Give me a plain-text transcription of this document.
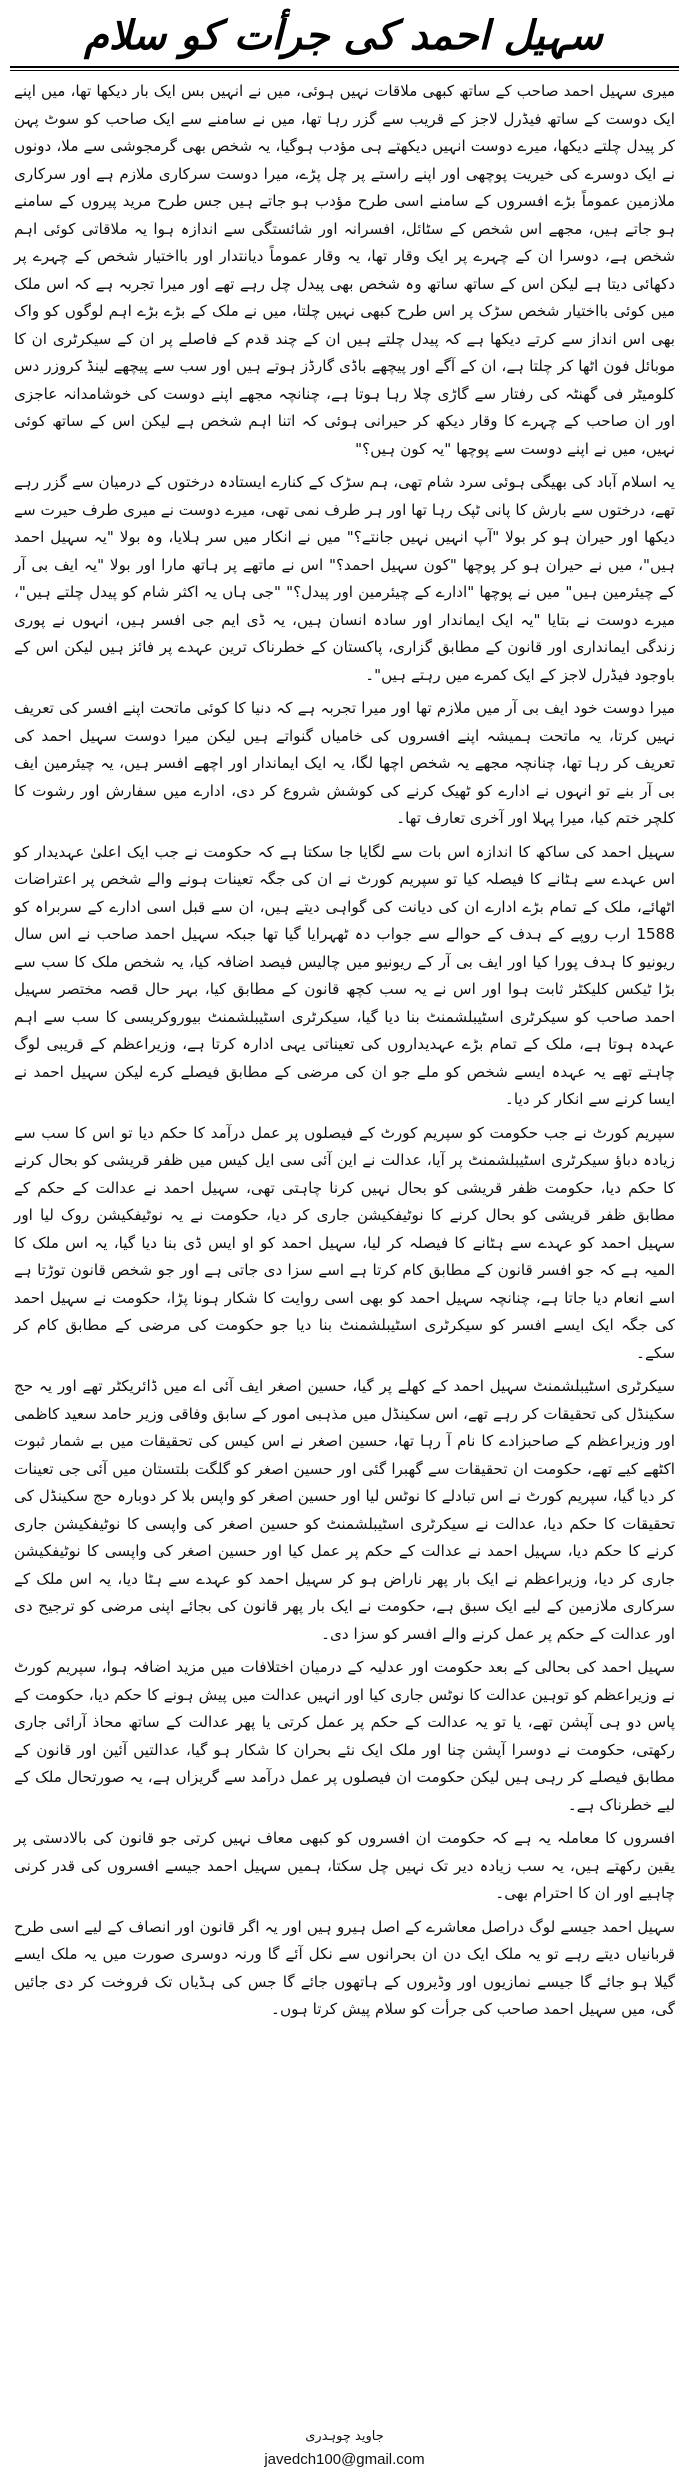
سہیل احمد کی جرأت کو سلام

میری سہیل احمد صاحب کے ساتھ کبھی ملاقات نہیں ہوئی، میں نے انہیں بس ایک بار دیکھا تھا، میں اپنے ایک دوست کے ساتھ فیڈرل لاجز کے قریب سے گزر رہا تھا، میں نے سامنے سے ایک صاحب کو سوٹ پہن کر پیدل چلتے دیکھا، میرے دوست انہیں دیکھتے ہی مؤدب ہوگیا، یہ شخص بھی گرمجوشی سے ملا، دونوں نے ایک دوسرے کی خیریت پوچھی اور اپنے راستے پر چل پڑے، میرا دوست سرکاری ملازم ہے اور سرکاری ملازمین عموماً بڑے افسروں کے سامنے اسی طرح مؤدب ہو جاتے ہیں جس طرح مرید پیروں کے سامنے ہو جاتے ہیں، مجھے اس شخص کے سٹائل، افسرانہ اور شائستگی سے اندازہ ہوا یہ ملاقاتی کوئی اہم شخص ہے، دوسرا ان کے چہرے پر ایک وقار تھا، یہ وقار عموماً دیانتدار اور بااختیار شخص کے چہرے پر دکھائی دیتا ہے لیکن اس کے ساتھ ساتھ وہ شخص بھی پیدل چل رہے تھے اور میرا تجربہ ہے کہ اس ملک میں کوئی بااختیار شخص سڑک پر اس طرح کبھی نہیں چلتا، میں نے ملک کے بڑے بڑے اہم لوگوں کو واک بھی اس انداز سے کرتے دیکھا ہے کہ پیدل چلتے ہیں ان کے چند قدم کے فاصلے پر ان کے سیکرٹری ان کا موبائل فون اٹھا کر چلتا ہے، ان کے آگے اور پیچھے باڈی گارڈز ہوتے ہیں اور سب سے پیچھے لینڈ کروزر دس کلومیٹر فی گھنٹہ کی رفتار سے گاڑی چلا رہا ہوتا ہے، چنانچہ مجھے اپنے دوست کی خوشامدانہ عاجزی اور ان صاحب کے چہرے کا وقار دیکھ کر حیرانی ہوئی کہ اتنا اہم شخص ہے لیکن اس کے ساتھ کوئی نہیں، میں نے اپنے دوست سے پوچھا "یہ کون ہیں؟"

یہ اسلام آباد کی بھیگی ہوئی سرد شام تھی، ہم سڑک کے کنارے ایستادہ درختوں کے درمیان سے گزر رہے تھے، درختوں سے بارش کا پانی ٹپک رہا تھا اور ہر طرف نمی تھی، میرے دوست نے میری طرف حیرت سے دیکھا اور حیران ہو کر بولا "آپ انہیں نہیں جانتے؟" میں نے انکار میں سر ہلایا، وہ بولا "یہ سہیل احمد ہیں"، میں نے حیران ہو کر پوچھا "کون سہیل احمد؟" اس نے ماتھے پر ہاتھ مارا اور بولا "یہ ایف بی آر کے چیئرمین ہیں" میں نے پوچھا "ادارے کے چیئرمین اور پیدل؟" "جی ہاں یہ اکثر شام کو پیدل چلتے ہیں"، میرے دوست نے بتایا "یہ ایک ایماندار اور سادہ انسان ہیں، یہ ڈی ایم جی افسر ہیں، انہوں نے پوری زندگی ایمانداری اور قانون کے مطابق گزاری، پاکستان کے خطرناک ترین عہدے پر فائز ہیں لیکن اس کے باوجود فیڈرل لاجز کے ایک کمرے میں رہتے ہیں"۔

میرا دوست خود ایف بی آر میں ملازم تھا اور میرا تجربہ ہے کہ دنیا کا کوئی ماتحت اپنے افسر کی تعریف نہیں کرتا، یہ ماتحت ہمیشہ اپنے افسروں کی خامیاں گنواتے ہیں لیکن میرا دوست سہیل احمد کی تعریف کر رہا تھا، چنانچہ مجھے یہ شخص اچھا لگا، یہ ایک ایماندار اور اچھے افسر ہیں، یہ چیئرمین ایف بی آر بنے تو انہوں نے ادارے کو ٹھیک کرنے کی کوشش شروع کر دی، ادارے میں سفارش اور رشوت کا کلچر ختم کیا، میرا پہلا اور آخری تعارف تھا۔

سہیل احمد کی ساکھ کا اندازہ اس بات سے لگایا جا سکتا ہے کہ حکومت نے جب ایک اعلیٰ عہدیدار کو اس عہدے سے ہٹانے کا فیصلہ کیا تو سپریم کورٹ نے ان کی جگہ تعینات ہونے والے شخص پر اعتراضات اٹھائے، ملک کے تمام بڑے ادارے ان کی دیانت کی گواہی دیتے ہیں، ان سے قبل اسی ادارے کے سربراہ کو 1588 ارب روپے کے ہدف کے حوالے سے جواب دہ ٹھہرایا گیا تھا جبکہ سہیل احمد صاحب نے اس سال ریونیو کا ہدف پورا کیا اور ایف بی آر کے ریونیو میں چالیس فیصد اضافہ کیا، یہ شخص ملک کا سب سے بڑا ٹیکس کلیکٹر ثابت ہوا اور اس نے یہ سب کچھ قانون کے مطابق کیا، بہر حال قصہ مختصر سہیل احمد صاحب کو سیکرٹری اسٹیبلشمنٹ بنا دیا گیا، سیکرٹری اسٹیبلشمنٹ بیوروکریسی کا سب سے اہم عہدہ ہوتا ہے، ملک کے تمام بڑے عہدیداروں کی تعیناتی یہی ادارہ کرتا ہے، وزیراعظم کے قریبی لوگ چاہتے تھے یہ عہدہ ایسے شخص کو ملے جو ان کی مرضی کے مطابق فیصلے کرے لیکن سہیل احمد نے ایسا کرنے سے انکار کر دیا۔

سپریم کورٹ نے جب حکومت کو سپریم کورٹ کے فیصلوں پر عمل درآمد کا حکم دیا تو اس کا سب سے زیادہ دباؤ سیکرٹری اسٹیبلشمنٹ پر آیا، عدالت نے این آئی سی ایل کیس میں ظفر قریشی کو بحال کرنے کا حکم دیا، حکومت ظفر قریشی کو بحال نہیں کرنا چاہتی تھی، سہیل احمد نے عدالت کے حکم کے مطابق ظفر قریشی کو بحال کرنے کا نوٹیفکیشن جاری کر دیا، حکومت نے یہ نوٹیفکیشن روک لیا اور سہیل احمد کو عہدے سے ہٹانے کا فیصلہ کر لیا، سہیل احمد کو او ایس ڈی بنا دیا گیا، یہ اس ملک کا المیہ ہے کہ جو افسر قانون کے مطابق کام کرتا ہے اسے سزا دی جاتی ہے اور جو شخص قانون توڑتا ہے اسے انعام دیا جاتا ہے، چنانچہ سہیل احمد کو بھی اسی روایت کا شکار ہونا پڑا، حکومت نے سہیل احمد کی جگہ ایک ایسے افسر کو سیکرٹری اسٹیبلشمنٹ بنا دیا جو حکومت کی مرضی کے مطابق کام کر سکے۔

سیکرٹری اسٹیبلشمنٹ سہیل احمد کے کھلے پر گیا، حسین اصغر ایف آئی اے میں ڈائریکٹر تھے اور یہ حج سکینڈل کی تحقیقات کر رہے تھے، اس سکینڈل میں مذہبی امور کے سابق وفاقی وزیر حامد سعید کاظمی اور وزیراعظم کے صاحبزادے کا نام آ رہا تھا، حسین اصغر نے اس کیس کی تحقیقات میں بے شمار ثبوت اکٹھے کیے تھے، حکومت ان تحقیقات سے گھبرا گئی اور حسین اصغر کو گلگت بلتستان میں آئی جی تعینات کر دیا گیا، سپریم کورٹ نے اس تبادلے کا نوٹس لیا اور حسین اصغر کو واپس بلا کر دوبارہ حج سکینڈل کی تحقیقات کا حکم دیا، عدالت نے سیکرٹری اسٹیبلشمنٹ کو حسین اصغر کی واپسی کا نوٹیفکیشن جاری کرنے کا حکم دیا، سہیل احمد نے عدالت کے حکم پر عمل کیا اور حسین اصغر کی واپسی کا نوٹیفکیشن جاری کر دیا، وزیراعظم نے ایک بار پھر ناراض ہو کر سہیل احمد کو عہدے سے ہٹا دیا، یہ اس ملک کے سرکاری ملازمین کے لیے ایک سبق ہے، حکومت نے ایک بار پھر قانون کی بجائے اپنی مرضی کو ترجیح دی اور عدالت کے حکم پر عمل کرنے والے افسر کو سزا دی۔

سہیل احمد کی بحالی کے بعد حکومت اور عدلیہ کے درمیان اختلافات میں مزید اضافہ ہوا، سپریم کورٹ نے وزیراعظم کو توہین عدالت کا نوٹس جاری کیا اور انہیں عدالت میں پیش ہونے کا حکم دیا، حکومت کے پاس دو ہی آپشن تھے، یا تو یہ عدالت کے حکم پر عمل کرتی یا پھر عدالت کے ساتھ محاذ آرائی جاری رکھتی، حکومت نے دوسرا آپشن چنا اور ملک ایک نئے بحران کا شکار ہو گیا، عدالتیں آئین اور قانون کے مطابق فیصلے کر رہی ہیں لیکن حکومت ان فیصلوں پر عمل درآمد سے گریزاں ہے، یہ صورتحال ملک کے لیے خطرناک ہے۔

افسروں کا معاملہ یہ ہے کہ حکومت ان افسروں کو کبھی معاف نہیں کرتی جو قانون کی بالادستی پر یقین رکھتے ہیں، یہ سب زیادہ دیر تک نہیں چل سکتا، ہمیں سہیل احمد جیسے افسروں کی قدر کرنی چاہیے اور ان کا احترام بھی۔

سہیل احمد جیسے لوگ دراصل معاشرے کے اصل ہیرو ہیں اور یہ اگر قانون اور انصاف کے لیے اسی طرح قربانیاں دیتے رہے تو یہ ملک ایک دن ان بحرانوں سے نکل آئے گا ورنہ دوسری صورت میں یہ ملک ایسے گیلا ہو جائے گا جیسے نمازیوں اور وڈیروں کے ہاتھوں جائے گا جس کی ہڈیاں تک فروخت کر دی جائیں گی، میں سہیل احمد صاحب کی جرأت کو سلام پیش کرتا ہوں۔

جاوید چوہدری
javedch100@gmail.com
